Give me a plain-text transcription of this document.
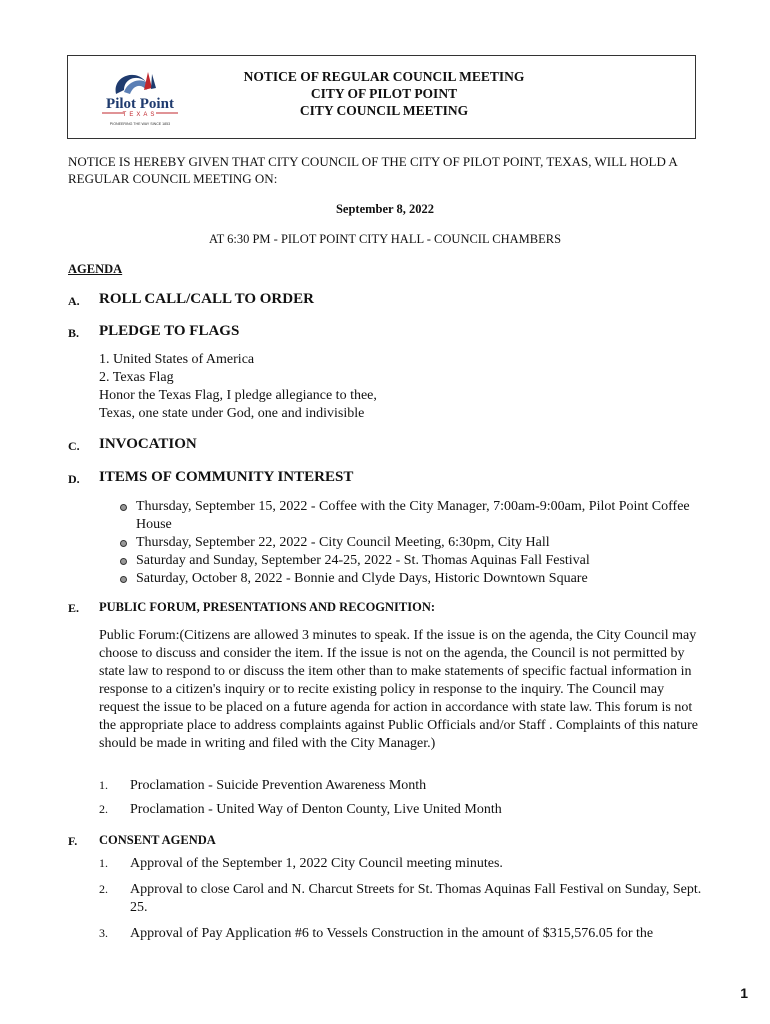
Pilot Point
TEXAS
PIONEERING THE WAY SINCE 1853
NOTICE OF REGULAR COUNCIL MEETING
CITY OF PILOT POINT
CITY COUNCIL MEETING
NOTICE IS HEREBY GIVEN THAT CITY COUNCIL OF THE CITY OF PILOT POINT, TEXAS, WILL HOLD A REGULAR COUNCIL MEETING ON:
September 8, 2022
AT 6:30 PM - PILOT POINT CITY HALL - COUNCIL CHAMBERS
AGENDA
A. ROLL CALL/CALL TO ORDER
B. PLEDGE TO FLAGS
1. United States of America
2. Texas Flag
Honor the Texas Flag, I pledge allegiance to thee,
Texas, one state under God, one and indivisible
C. INVOCATION
D. ITEMS OF COMMUNITY INTEREST
Thursday, September 15, 2022 - Coffee with the City Manager, 7:00am-9:00am, Pilot Point Coffee House
Thursday, September 22, 2022 - City Council Meeting, 6:30pm, City Hall
Saturday and Sunday, September 24-25, 2022 - St. Thomas Aquinas Fall Festival
Saturday, October 8, 2022 - Bonnie and Clyde Days, Historic Downtown Square
E. PUBLIC FORUM, PRESENTATIONS AND RECOGNITION:
Public Forum:(Citizens are allowed 3 minutes to speak. If the issue is on the agenda, the City Council may choose to discuss and consider the item. If the issue is not on the agenda, the Council is not permitted by state law to respond to or discuss the item other than to make statements of specific factual information in response to a citizen's inquiry or to recite existing policy in response to the inquiry. The Council may request the issue to be placed on a future agenda for action in accordance with state law. This forum is not the appropriate place to address complaints against Public Officials and/or Staff . Complaints of this nature should be made in writing and filed with the City Manager.)
1. Proclamation - Suicide Prevention Awareness Month
2. Proclamation - United Way of Denton County, Live United Month
F. CONSENT AGENDA
1. Approval of the September 1, 2022 City Council meeting minutes.
2. Approval to close Carol and N. Charcut Streets for St. Thomas Aquinas Fall Festival on Sunday, Sept. 25.
3. Approval of Pay Application #6 to Vessels Construction in the amount of $315,576.05 for the
1
